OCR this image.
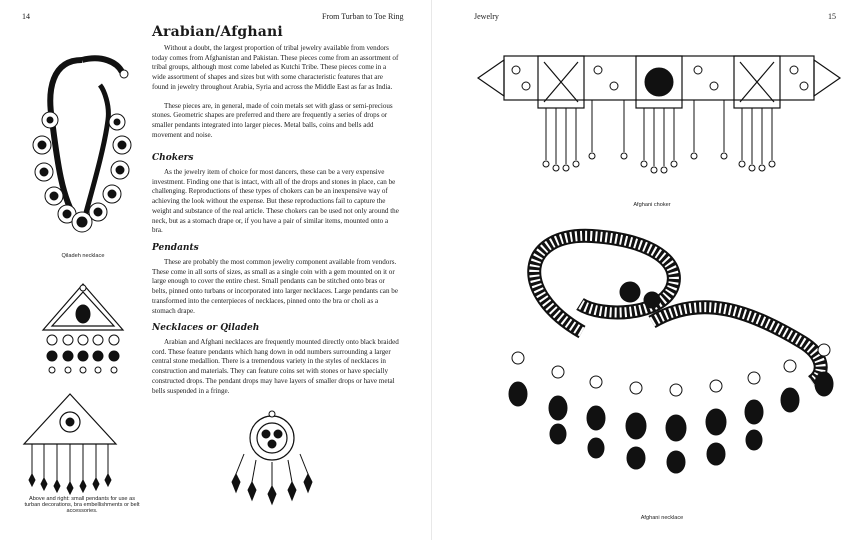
14	From Turban to Toe Ring
Arabian/Afghani

Without a doubt, the largest proportion of tribal jewelry available from vendors today comes from Afghanistan and Pakistan. These pieces come from an assortment of tribal groups, although most come labeled as Kutchi Tribe. These pieces come in a wide assortment of shapes and sizes but with some characteristic features that are found in jewelry throughout Arabia, Syria and across the Middle East as far as India.

These pieces are, in general, made of coin metals set with glass or semi-precious stones. Geometric shapes are preferred and there are frequently a series of drops or smaller pendants integrated into larger pieces. Metal balls, coins and bells add movement and noise.

Chokers

As the jewelry item of choice for most dancers, these can be a very expensive investment. Finding one that is intact, with all of the drops and stones in place, can be challenging. Reproductions of these types of chokers can be an inexpensive way of achieving the look without the expense. But these reproductions fail to capture the weight and substance of the real article. These chokers can be used not only around the neck, but as a stomach drape or, if you have a pair of similar items, mounted onto a bra.

Pendants

These are probably the most common jewelry component available from vendors. These come in all sorts of sizes, as small as a single coin with a gem mounted on it or large enough to cover the entire chest. Small pendants can be stitched onto bras or belts, pinned onto turbans or incorporated into larger necklaces. Large pendants can be transformed into the centerpieces of necklaces, pinned onto the bra or choli as a stomach drape.

Necklaces or Qiladeh

Arabian and Afghani necklaces are frequently mounted directly onto black braided cord. These feature pendants which hang down in odd numbers surrounding a larger central stone medallion. There is a tremendous variety in the styles of necklaces in construction and materials. They can feature coins set with stones or have specially constructed drops. The pendant drops may have layers of smaller drops or have metal bells suspended in a fringe.

Qiladeh necklace
Above and right: small pendants for use as turban decorations, bra embellishments or belt accessories.
Jewelry	15
Afghani choker
Afghani necklace
